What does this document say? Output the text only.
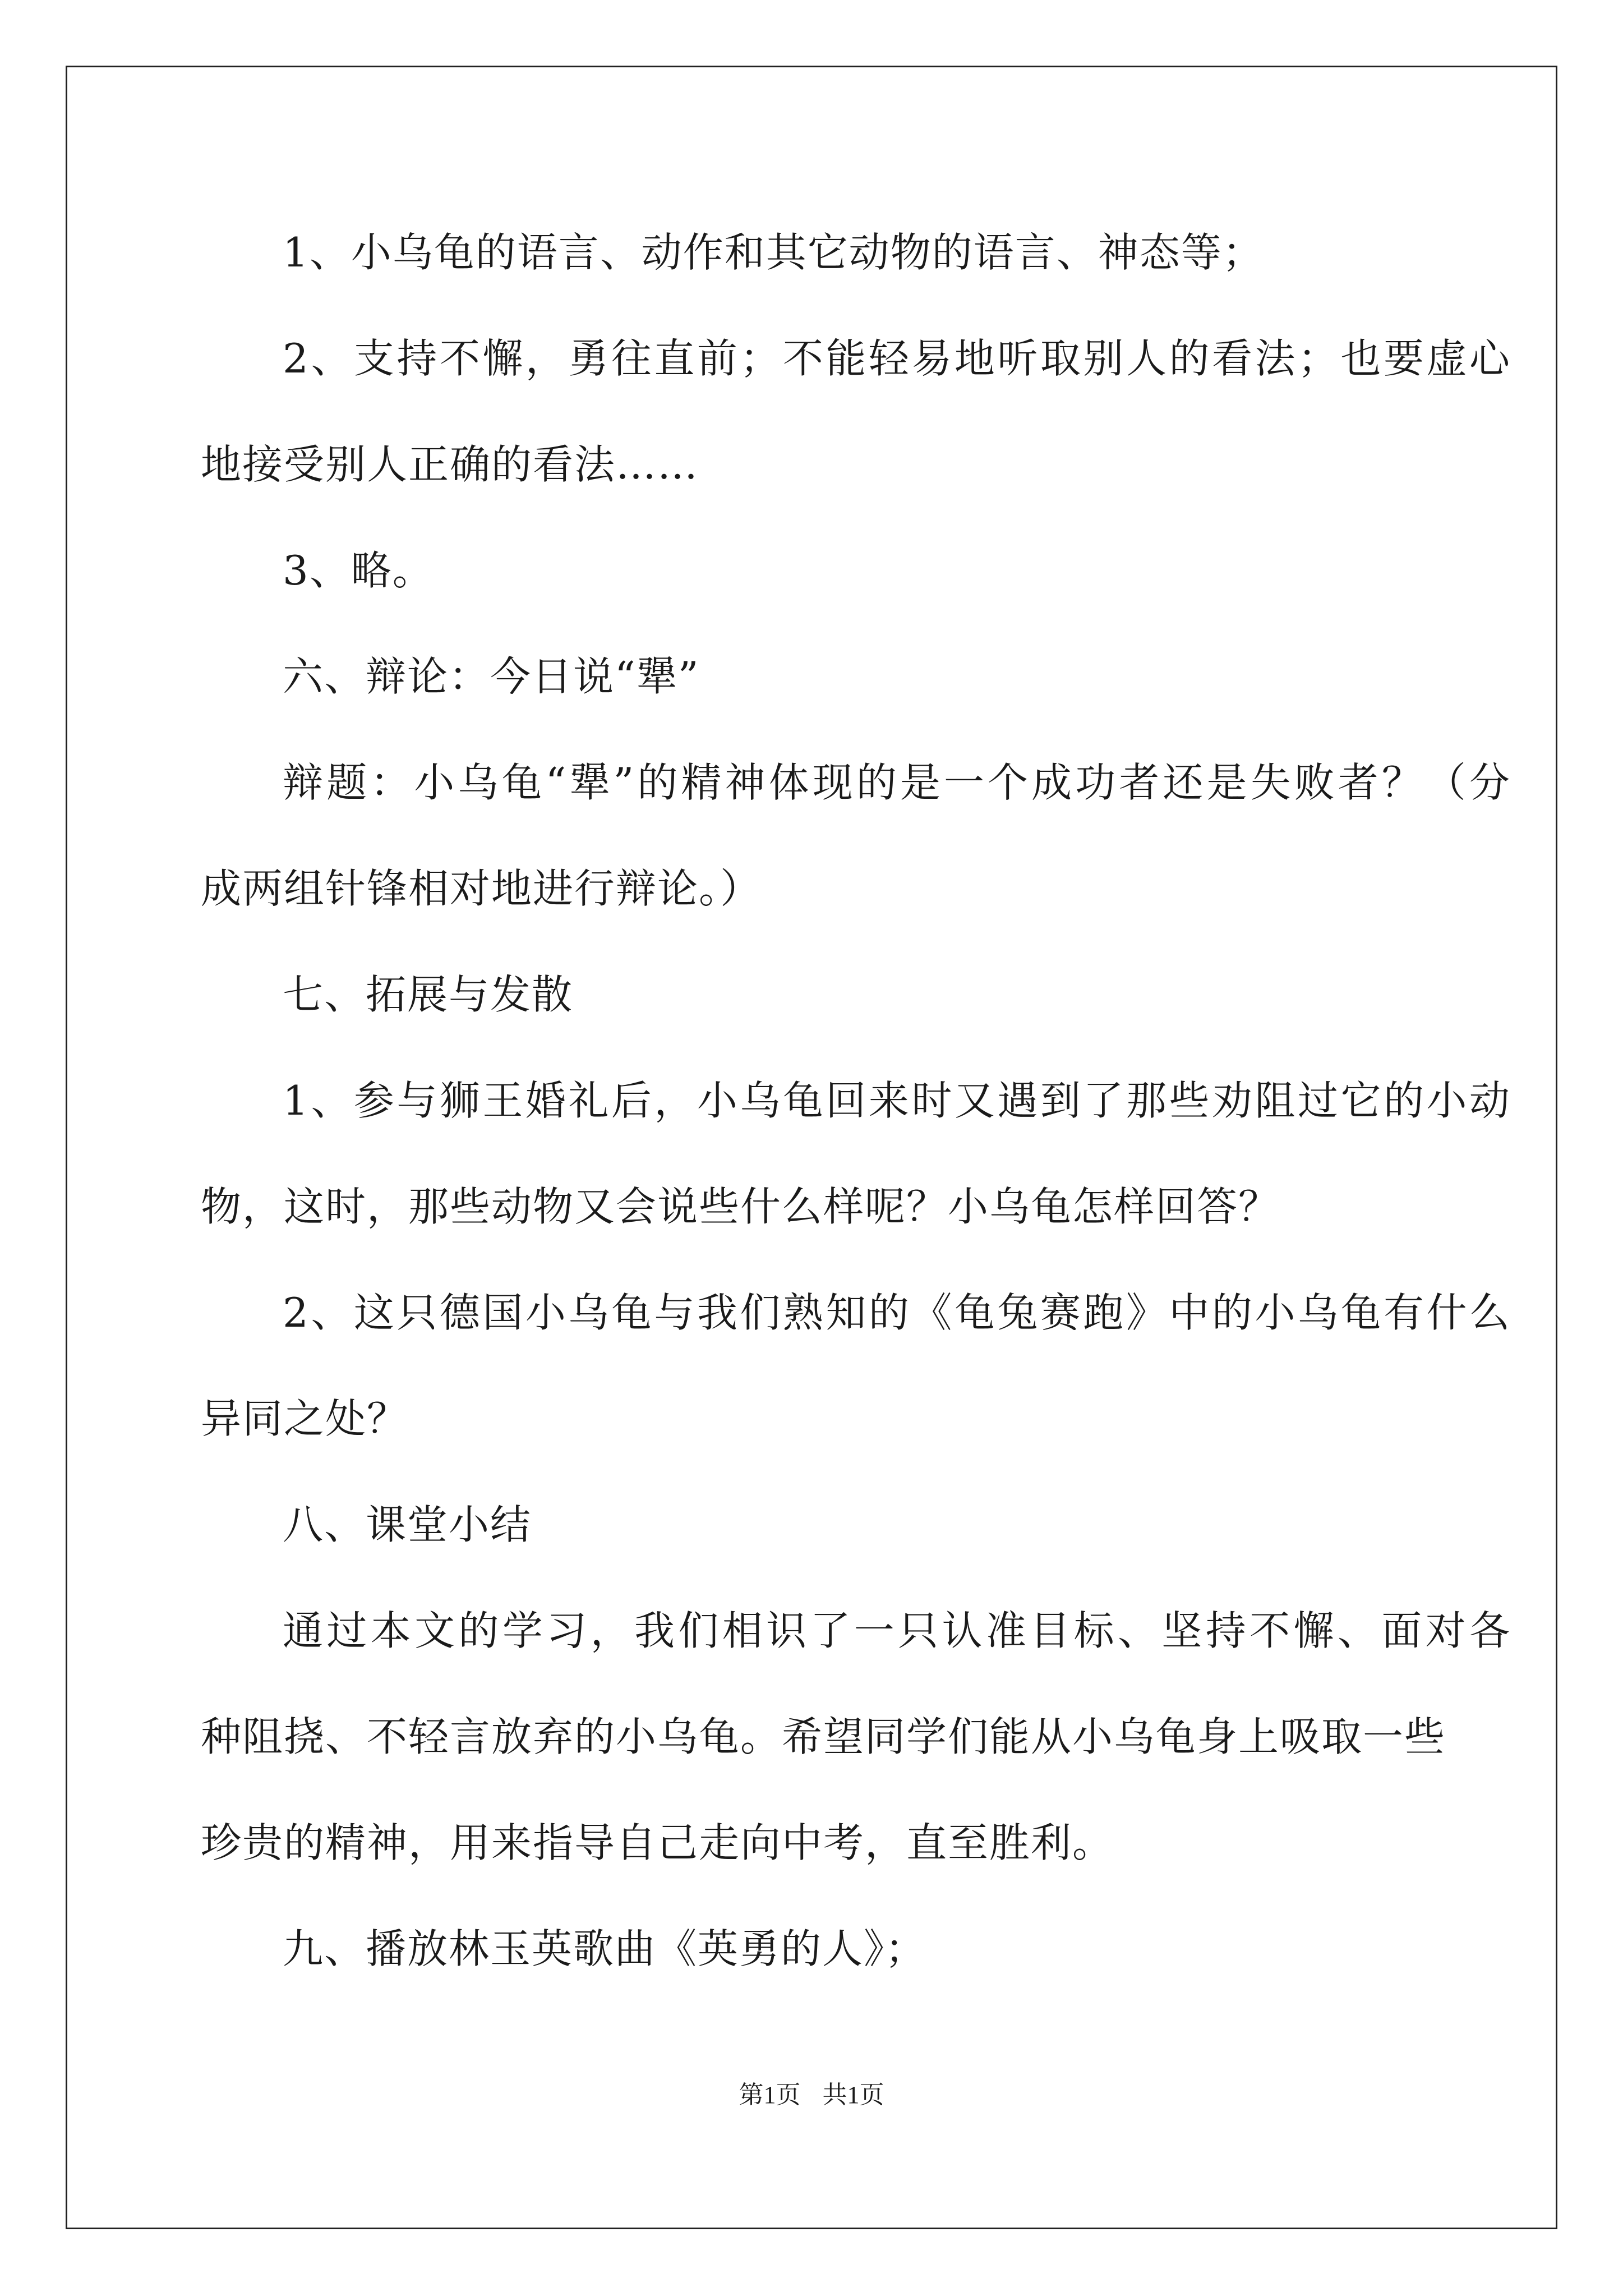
1、小乌龟的语言、动作和其它动物的语言、神态等；
2、支持不懈，勇往直前；不能轻易地听取别人的看法；也要虚心
地接受别人正确的看法……
3、略。
六、辩论：今日说“犟”
辩题：小乌龟“犟”的精神体现的是一个成功者还是失败者？（分
成两组针锋相对地进行辩论。）
七、拓展与发散
1、参与狮王婚礼后，小乌龟回来时又遇到了那些劝阻过它的小动
物，这时，那些动物又会说些什么样呢？小乌龟怎样回答？
2、这只德国小乌龟与我们熟知的《龟兔赛跑》中的小乌龟有什么
异同之处？
八、课堂小结
通过本文的学习，我们相识了一只认准目标、坚持不懈、面对各
种阻挠、不轻言放弃的小乌龟。希望同学们能从小乌龟身上吸取一些
珍贵的精神，用来指导自己走向中考，直至胜利。
九、播放林玉英歌曲《英勇的人》；
第1页 共1页
